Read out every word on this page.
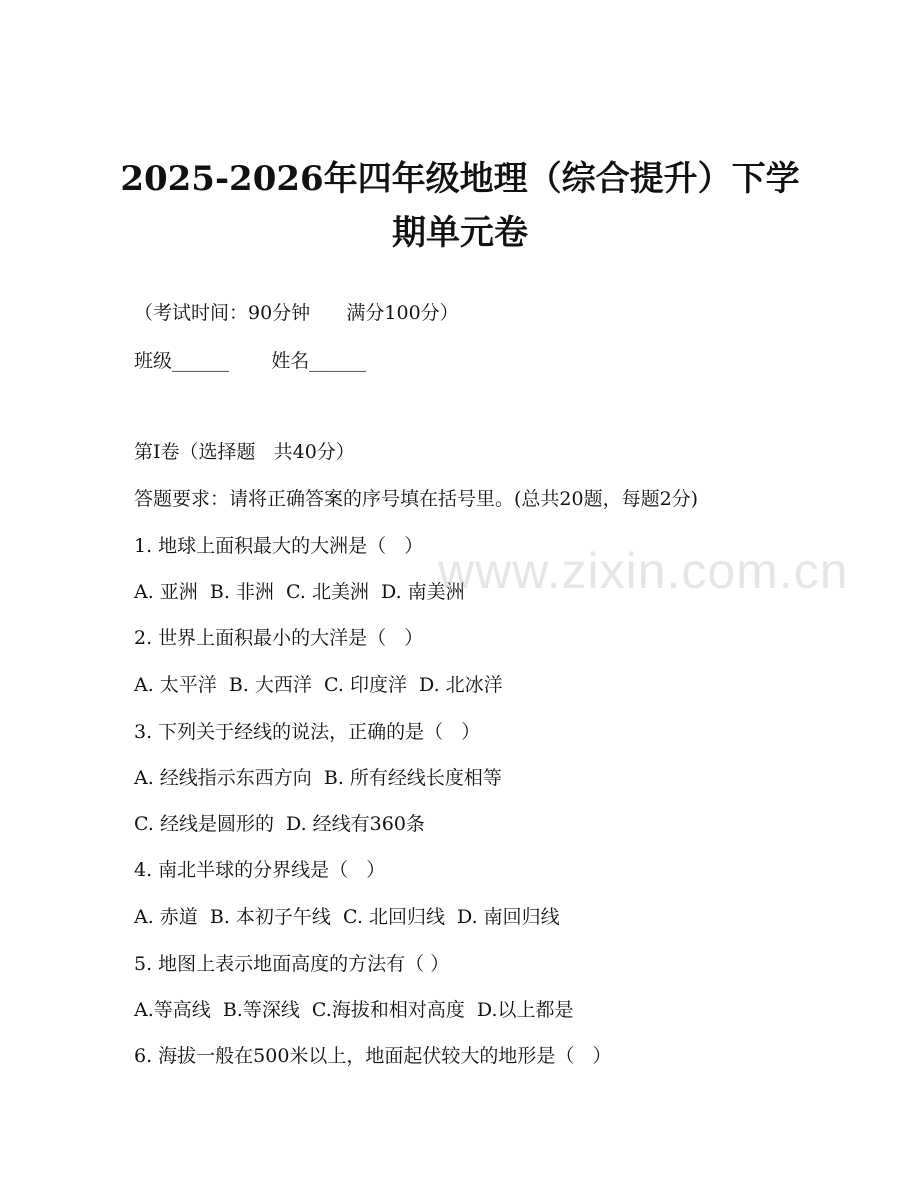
2025-2026年四年级地理（综合提升）下学
期单元卷

（考试时间：90分钟      满分100分）

班级______       姓名______

第I卷（选择题   共40分）

答题要求：请将正确答案的序号填在括号里。(总共20题，每题2分)

1. 地球上面积最大的大洲是（   ）

A. 亚洲  B. 非洲  C. 北美洲  D. 南美洲

2. 世界上面积最小的大洋是（   ）

A. 太平洋  B. 大西洋  C. 印度洋  D. 北冰洋

3. 下列关于经线的说法，正确的是（   ）

A. 经线指示东西方向  B. 所有经线长度相等

C. 经线是圆形的  D. 经线有360条

4. 南北半球的分界线是（   ）

A. 赤道  B. 本初子午线  C. 北回归线  D. 南回归线

5. 地图上表示地面高度的方法有（ ）

A.等高线  B.等深线  C.海拔和相对高度  D.以上都是

6. 海拔一般在500米以上，地面起伏较大的地形是（   ）

www.zixin.com.cn
